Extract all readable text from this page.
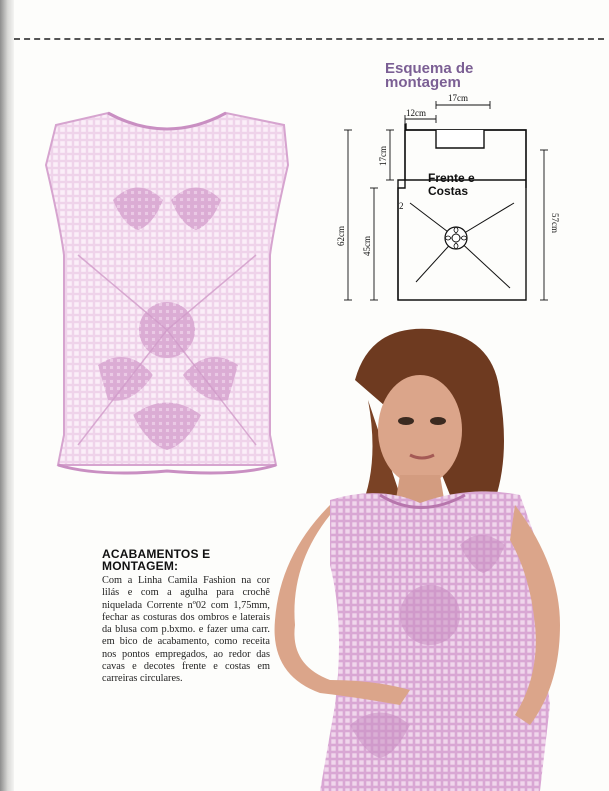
Esquema de
montagem
17cm
12cm
17cm
62cm 45cm
57cm
2
Frente e
Costas
ACABAMENTOS E
MONTAGEM:

Com a Linha Camila Fashion na cor lilás e com a agulha para crochê niquelada Corrente nº02 com 1,75mm, fechar as costuras dos ombros e laterais da blusa com p.bxmo. e fazer uma carr. em bico de acabamento, como receita nos pontos empregados, ao redor das cavas e decotes frente e costas em carreiras circulares.
